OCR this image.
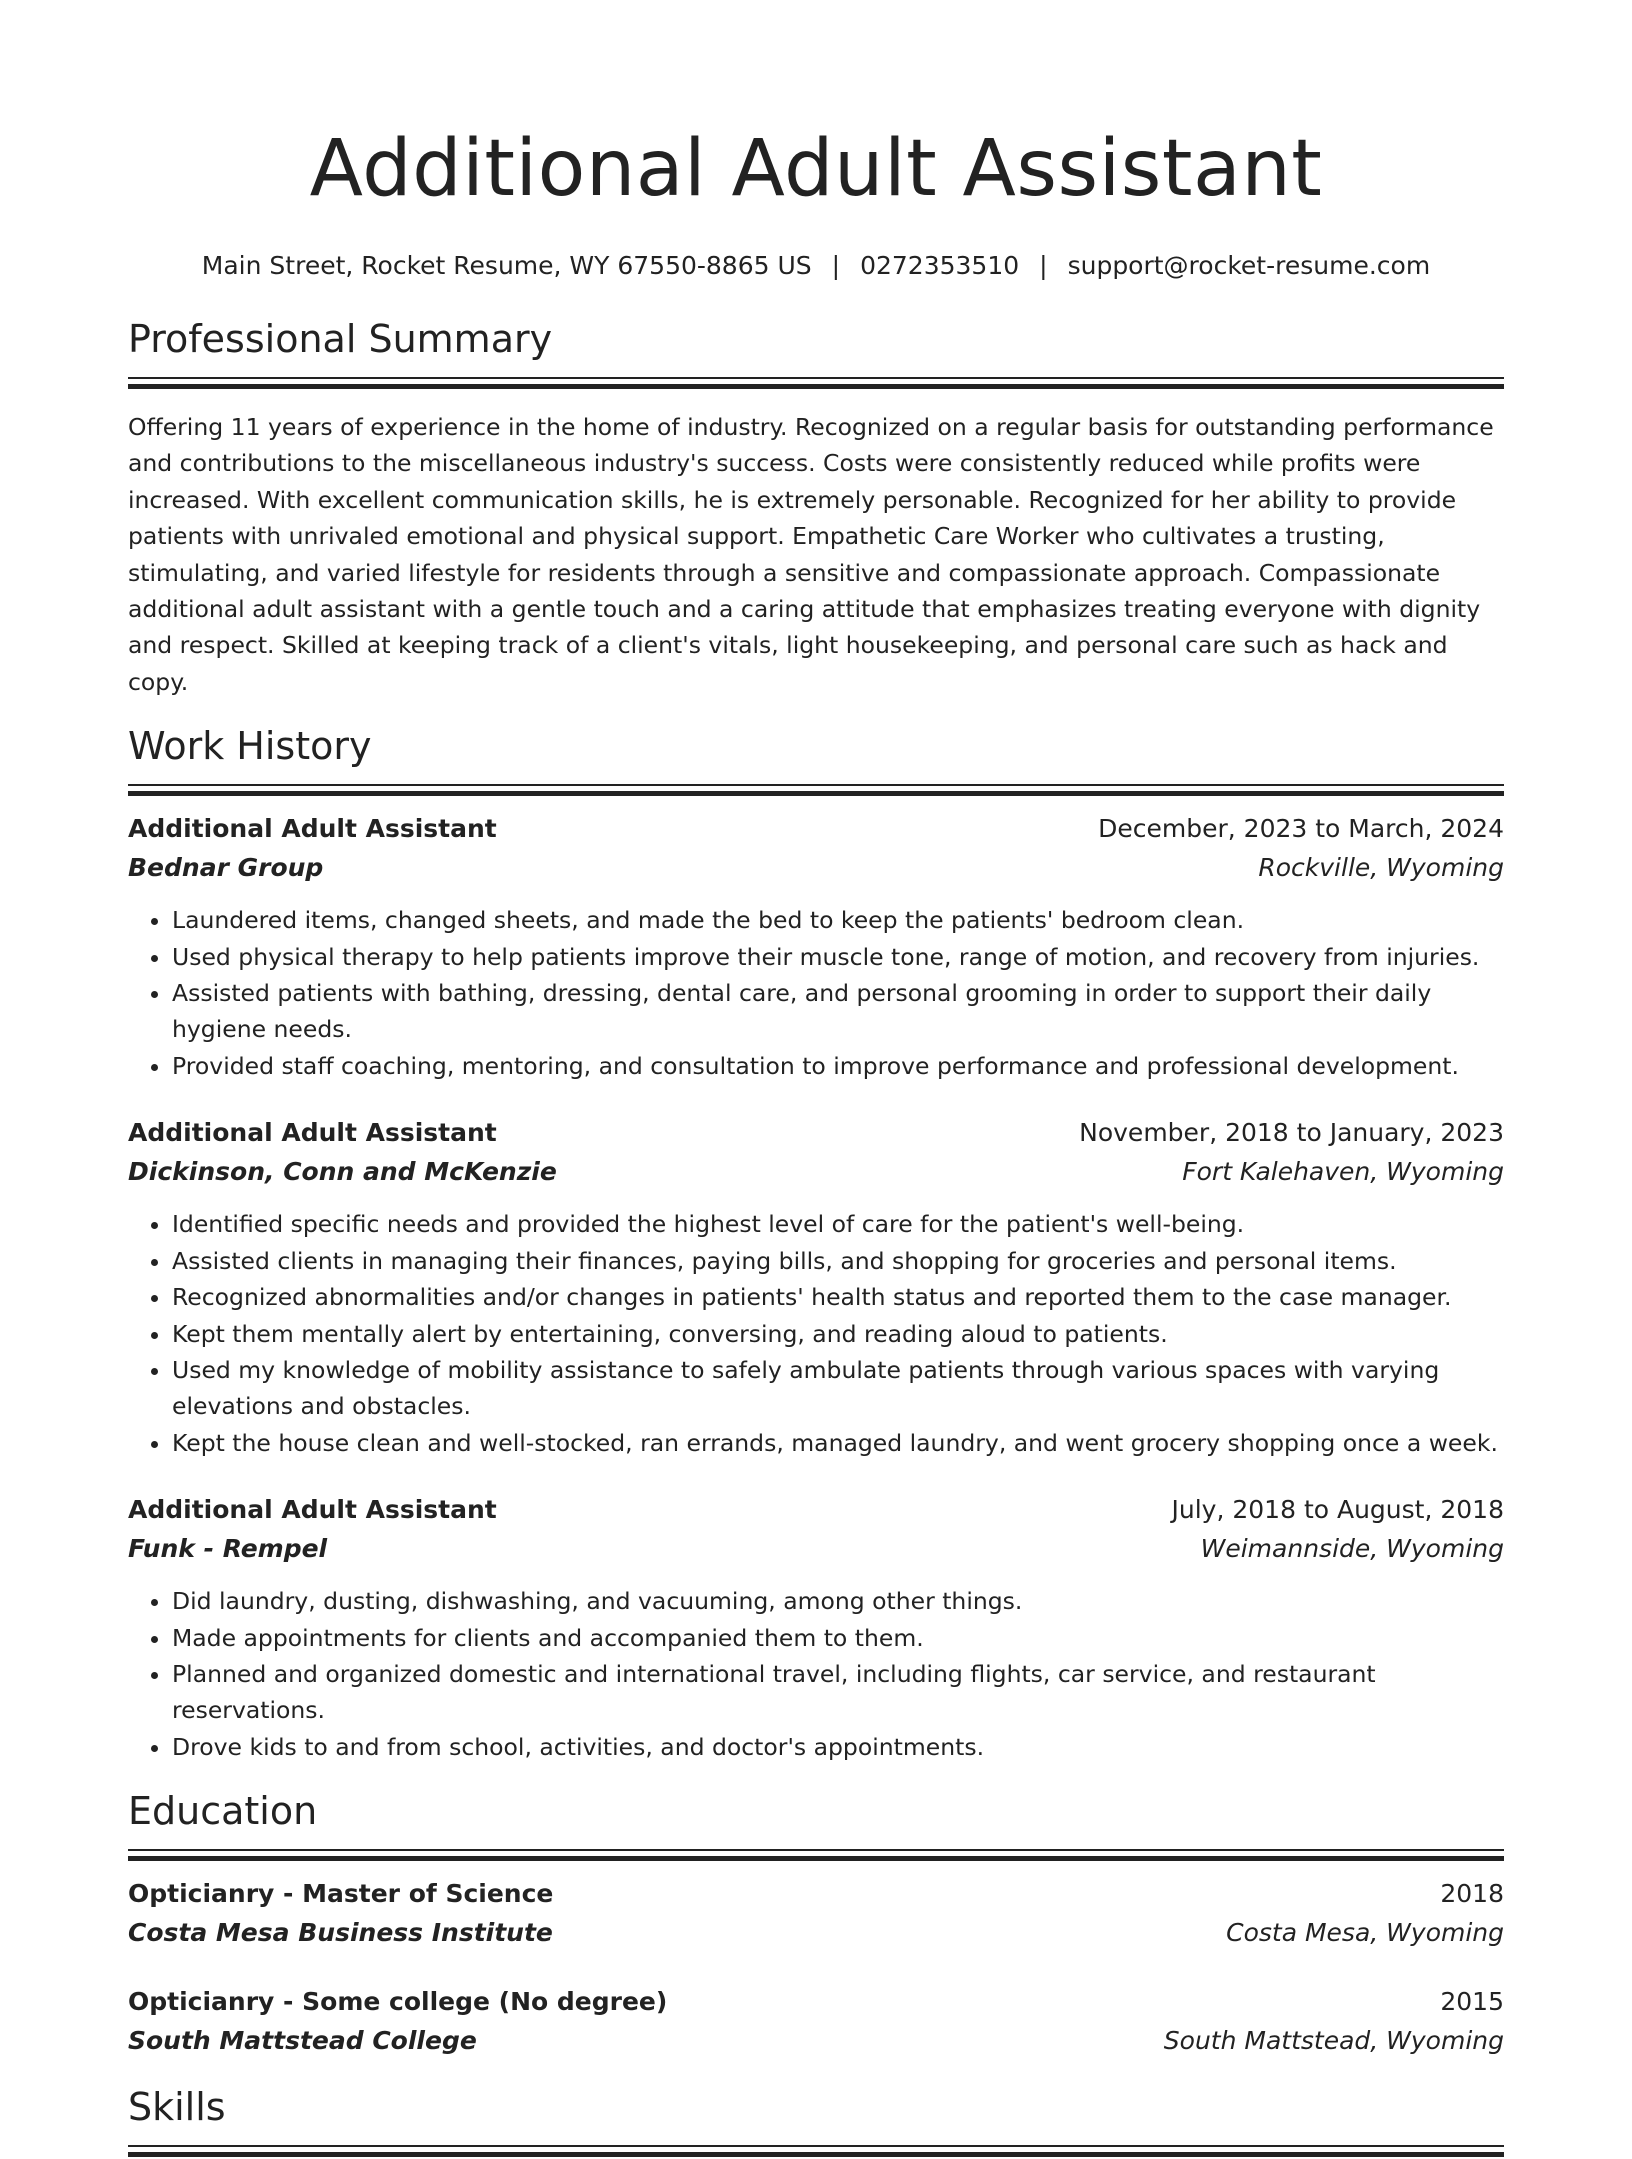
Additional Adult Assistant
Main Street, Rocket Resume, WY 67550-8865 US | 0272353510 | support@rocket-resume.com
Professional Summary

Offering 11 years of experience in the home of industry. Recognized on a regular basis for outstanding performance and contributions to the miscellaneous industry's success. Costs were consistently reduced while profits were increased. With excellent communication skills, he is extremely personable. Recognized for her ability to provide patients with unrivaled emotional and physical support. Empathetic Care Worker who cultivates a trusting, stimulating, and varied lifestyle for residents through a sensitive and compassionate approach. Compassionate additional adult assistant with a gentle touch and a caring attitude that emphasizes treating everyone with dignity and respect. Skilled at keeping track of a client's vitals, light housekeeping, and personal care such as hack and copy.

Work History
Additional Adult Assistant	December, 2023 to March, 2024
Bednar Group	Rockville, Wyoming
• Laundered items, changed sheets, and made the bed to keep the patients' bedroom clean.
• Used physical therapy to help patients improve their muscle tone, range of motion, and recovery from injuries.
• Assisted patients with bathing, dressing, dental care, and personal grooming in order to support their daily hygiene needs.
• Provided staff coaching, mentoring, and consultation to improve performance and professional development.
Additional Adult Assistant	November, 2018 to January, 2023
Dickinson, Conn and McKenzie	Fort Kalehaven, Wyoming
• Identified specific needs and provided the highest level of care for the patient's well-being.
• Assisted clients in managing their finances, paying bills, and shopping for groceries and personal items.
• Recognized abnormalities and/or changes in patients' health status and reported them to the case manager.
• Kept them mentally alert by entertaining, conversing, and reading aloud to patients.
• Used my knowledge of mobility assistance to safely ambulate patients through various spaces with varying elevations and obstacles.
• Kept the house clean and well-stocked, ran errands, managed laundry, and went grocery shopping once a week.
Additional Adult Assistant	July, 2018 to August, 2018
Funk - Rempel	Weimannside, Wyoming
• Did laundry, dusting, dishwashing, and vacuuming, among other things.
• Made appointments for clients and accompanied them to them.
• Planned and organized domestic and international travel, including flights, car service, and restaurant reservations.
• Drove kids to and from school, activities, and doctor's appointments.
Education
Opticianry - Master of Science	2018
Costa Mesa Business Institute	Costa Mesa, Wyoming
Opticianry - Some college (No degree)	2015
South Mattstead College	South Mattstead, Wyoming
Skills
